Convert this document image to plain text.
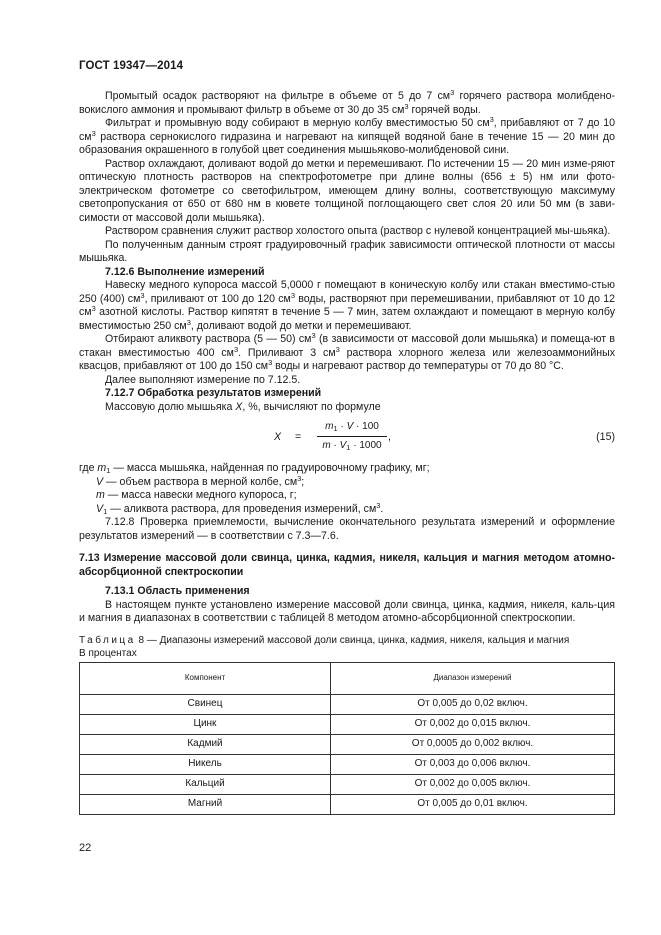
ГОСТ 19347—2014

Промытый осадок растворяют на фильтре в объеме от 5 до 7 $см^3$ горячего раствора молибдено-вокислого аммония и промывают фильтр в объеме от 30 до 35 $см^3$ горячей воды.

Фильтрат и промывную воду собирают в мерную колбу вместимостью 50 $см^3$, прибавляют от 7 до 10 $см^3$ раствора сернокислого гидразина и нагревают на кипящей водяной бане в течение 15 — 20 мин до образования окрашенного в голубой цвет соединения мышьяково-молибденовой сини.

Раствор охлаждают, доливают водой до метки и перемешивают. По истечении 15 — 20 мин изме-ряют оптическую плотность растворов на спектрофотометре при длине волны (656 ± 5) нм или фото-электрическом фотометре со светофильтром, имеющем длину волны, соответствующую максимуму светопропускания от 650 от 680 нм в кювете толщиной поглощающего свет слоя 20 или 50 мм (в зави-симости от массовой доли мышьяка).

Раствором сравнения служит раствор холостого опыта (раствор с нулевой концентрацией мы-шьяка).

По полученным данным строят градуировочный график зависимости оптической плотности от массы мышьяка.

7.12.6 Выполнение измерений

Навеску медного купороса массой 5,0000 г помещают в коническую колбу или стакан вместимо-стью 250 (400) $см^3$, приливают от 100 до 120 $см^3$ воды, растворяют при перемешивании, прибавляют от 10 до 12 $см^3$ азотной кислоты. Раствор кипятят в течение 5 — 7 мин, затем охлаждают и помещают в мерную колбу вместимостью 250 $см^3$, доливают водой до метки и перемешивают.

Отбирают аликвоту раствора (5 — 50) $см^3$ (в зависимости от массовой доли мышьяка) и помеща-ют в стакан вместимостью 400 $см^3$. Приливают 3 $см^3$ раствора хлорного железа или железоаммонийных квасцов, прибавляют от 100 до 150 $см^3$ воды и нагревают раствор до температуры от 70 до 80 °С.

Далее выполняют измерение по 7.12.5.

7.12.7 Обработка результатов измерений

Массовую долю мышьяка X, %, вычисляют по формуле

X =
$m_1 \cdot V \cdot 100$
$m \cdot V_1 \cdot 1000$
,	(15)

где $m_1$ — масса мышьяка, найденная по градуировочному графику, мг;

V — объем раствора в мерной колбе, $см^3$;

m — масса навески медного купороса, г;

$V_1$ — аликвота раствора, для проведения измерений, $см^3$.

7.12.8 Проверка приемлемости, вычисление окончательного результата измерений и оформление результатов измерений — в соответствии с 7.3—7.6.

7.13 Измерение массовой доли свинца, цинка, кадмия, никеля, кальция и магния методом атомно-абсорбционной спектроскопии

7.13.1 Область применения

В настоящем пункте установлено измерение массовой доли свинца, цинка, кадмия, никеля, каль-ция и магния в диапазонах в соответствии с таблицей 8 методом атомно-абсорбционной спектроскопии.

Таблица 8 — Диапазоны измерений массовой доли свинца, цинка, кадмия, никеля, кальция и магния

В процентах

Компонент	Диапазон измерений
Свинец	От 0,005 до 0,02 включ.
Цинк	От 0,002 до 0,015 включ.
Кадмий	От 0,0005 до 0,002 включ.
Никель	От 0,003 до 0,006 включ.
Кальций	От 0,002 до 0,005 включ.
Магний	От 0,005 до 0,01 включ.
22
